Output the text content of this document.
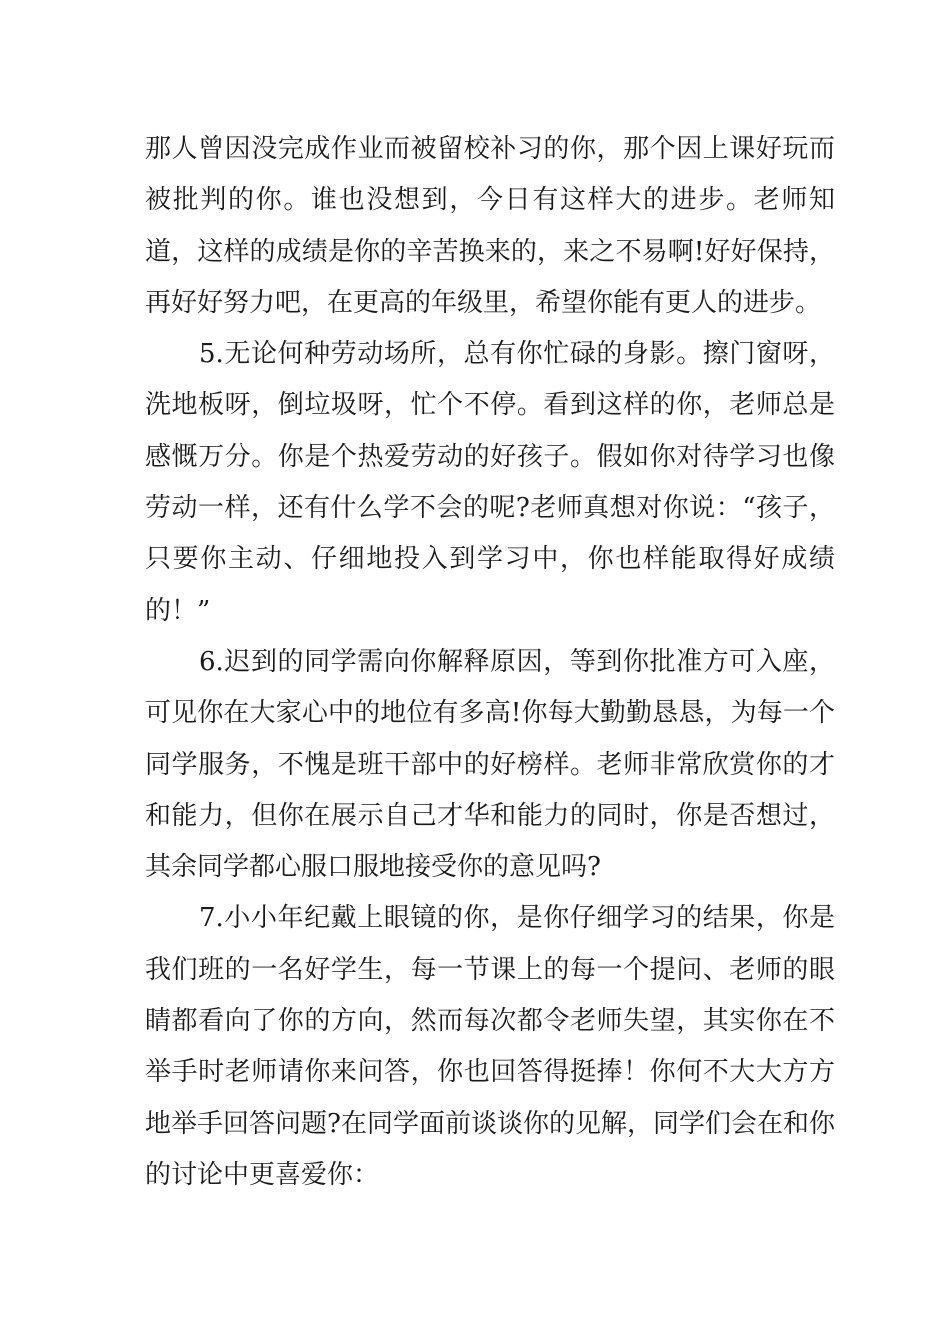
那人曾因没完成作业而被留校补习的你，那个因上课好玩而被批判的你。谁也没想到，今日有这样大的进步。老师知道，这样的成绩是你的辛苦换来的，来之不易啊!好好保持，再好好努力吧，在更高的年级里，希望你能有更人的进步。

5.无论何种劳动场所，总有你忙碌的身影。擦门窗呀，洗地板呀，倒垃圾呀，忙个不停。看到这样的你，老师总是感慨万分。你是个热爱劳动的好孩子。假如你对待学习也像劳动一样，还有什么学不会的呢?老师真想对你说：“孩子，只要你主动、仔细地投入到学习中，你也样能取得好成绩的！”

6.迟到的同学需向你解释原因，等到你批准方可入座，可见你在大家心中的地位有多高!你每大勤勤恳恳，为每一个同学服务，不愧是班干部中的好榜样。老师非常欣赏你的才和能力，但你在展示自己才华和能力的同时，你是否想过，其余同学都心服口服地接受你的意见吗?

7.小小年纪戴上眼镜的你，是你仔细学习的结果，你是我们班的一名好学生，每一节课上的每一个提问、老师的眼睛都看向了你的方向，然而每次都令老师失望，其实你在不举手时老师请你来问答，你也回答得挺捧！你何不大大方方地举手回答问题?在同学面前谈谈你的见解，同学们会在和你的讨论中更喜爱你：
